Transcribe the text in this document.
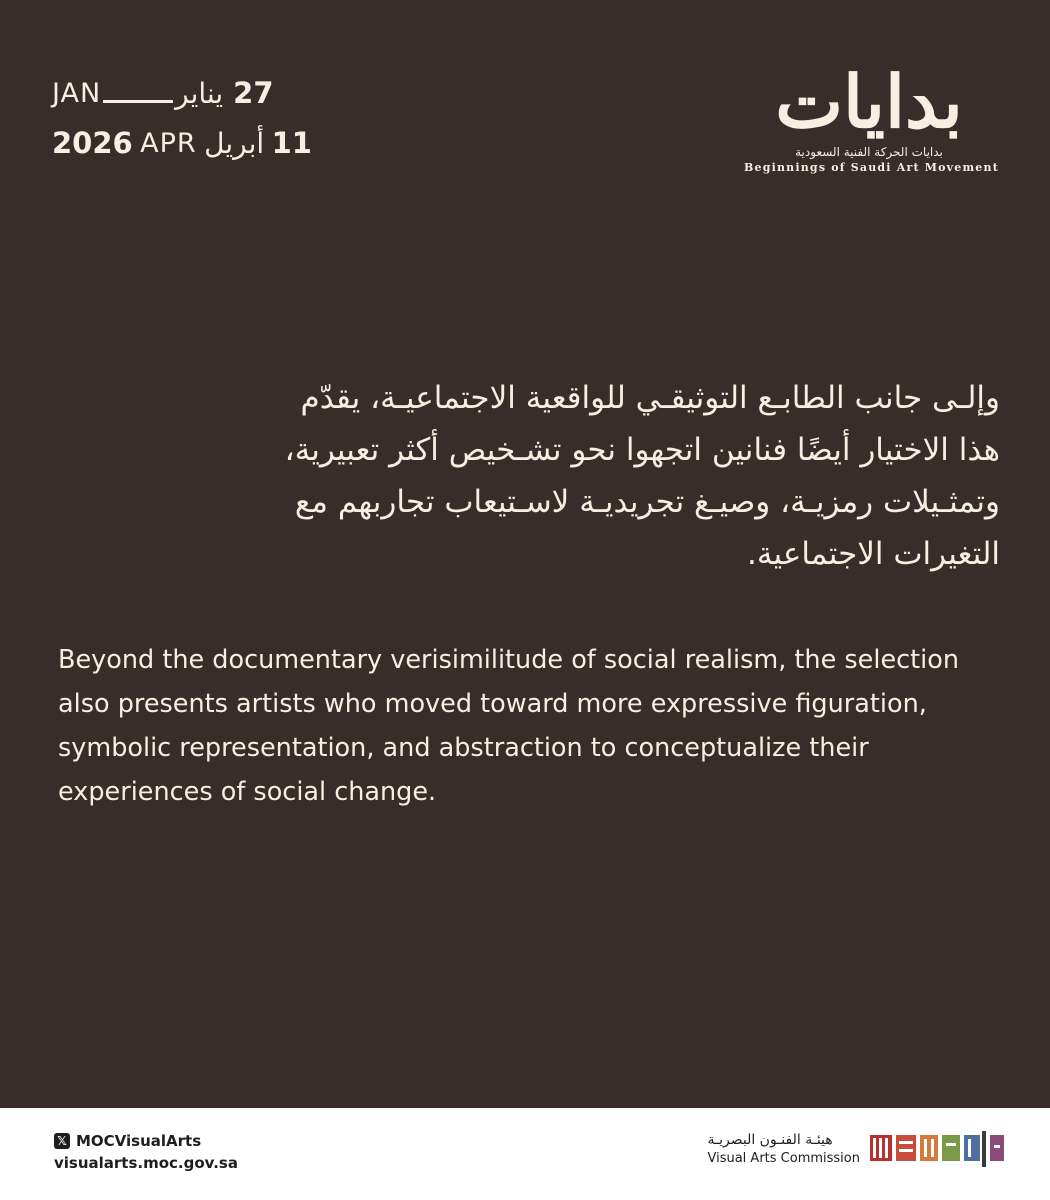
JAN	يناير 27
2026 APR أبريل 11	بدايات
بدايات الحركة الفنية السعودية
Beginnings of Saudi Art Movement
وإلـى جانب الطابـع التوثيقـي للواقعية الاجتماعيـة، يقدّم
هذا الاختيار أيضًا فنانين اتجهوا نحو تشـخيص أكثر تعبيرية،
وتمثـيلات رمزيـة، وصيـغ تجريديـة لاسـتيعاب تجاربهم مع
التغيرات الاجتماعية.
Beyond the documentary verisimilitude of social realism, the selection
also presents artists who moved toward more expressive figuration,
symbolic representation, and abstraction to conceptualize their
experiences of social change.
𝕏 MOCVisualArts
visualarts.moc.gov.sa
هيئـة الفنـون البصريـة
Visual Arts Commission
